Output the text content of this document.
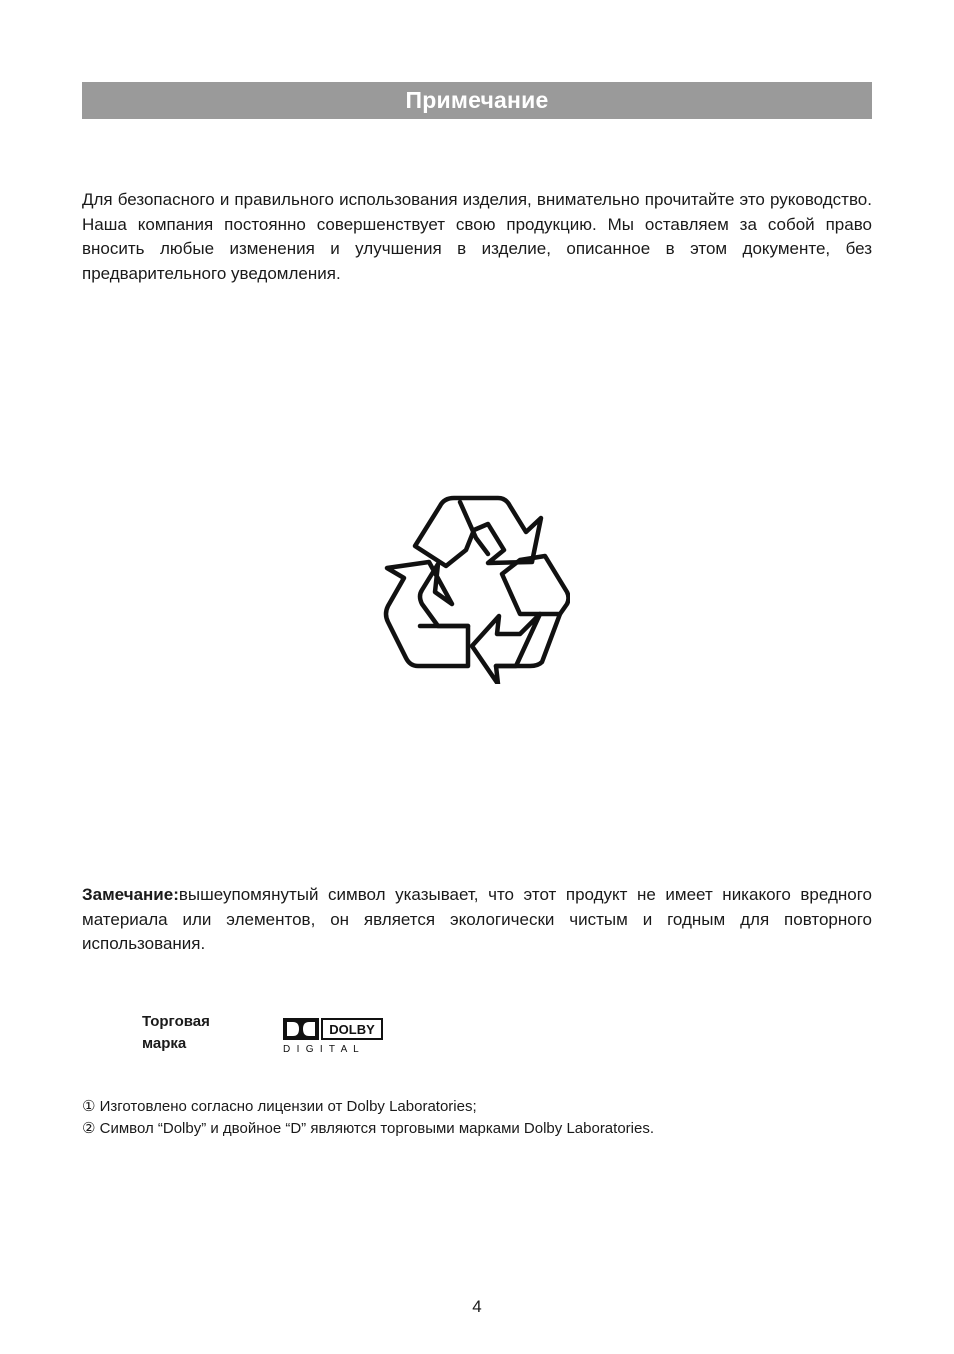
Примечание

Для безопасного и правильного использования изделия, внимательно прочитайте это руководство. Наша компания постоянно совершенствует свою продукцию. Мы оставляем за собой право вносить любые изменения и улучшения в изделие, описанное в этом документе, без предварительного уведомления.

Замечание:вышеупомянутый символ указывает, что этот продукт не имеет никакого вредного материала или элементов, он является экологически чистым и годным для повторного использования.

Торговая
марка
DOLBY
D I G I T A L
① Изготовлено согласно лицензии от Dolby Laboratories;
② Символ “Dolby” и двойное “D” являются торговыми марками Dolby Laboratories.
4
